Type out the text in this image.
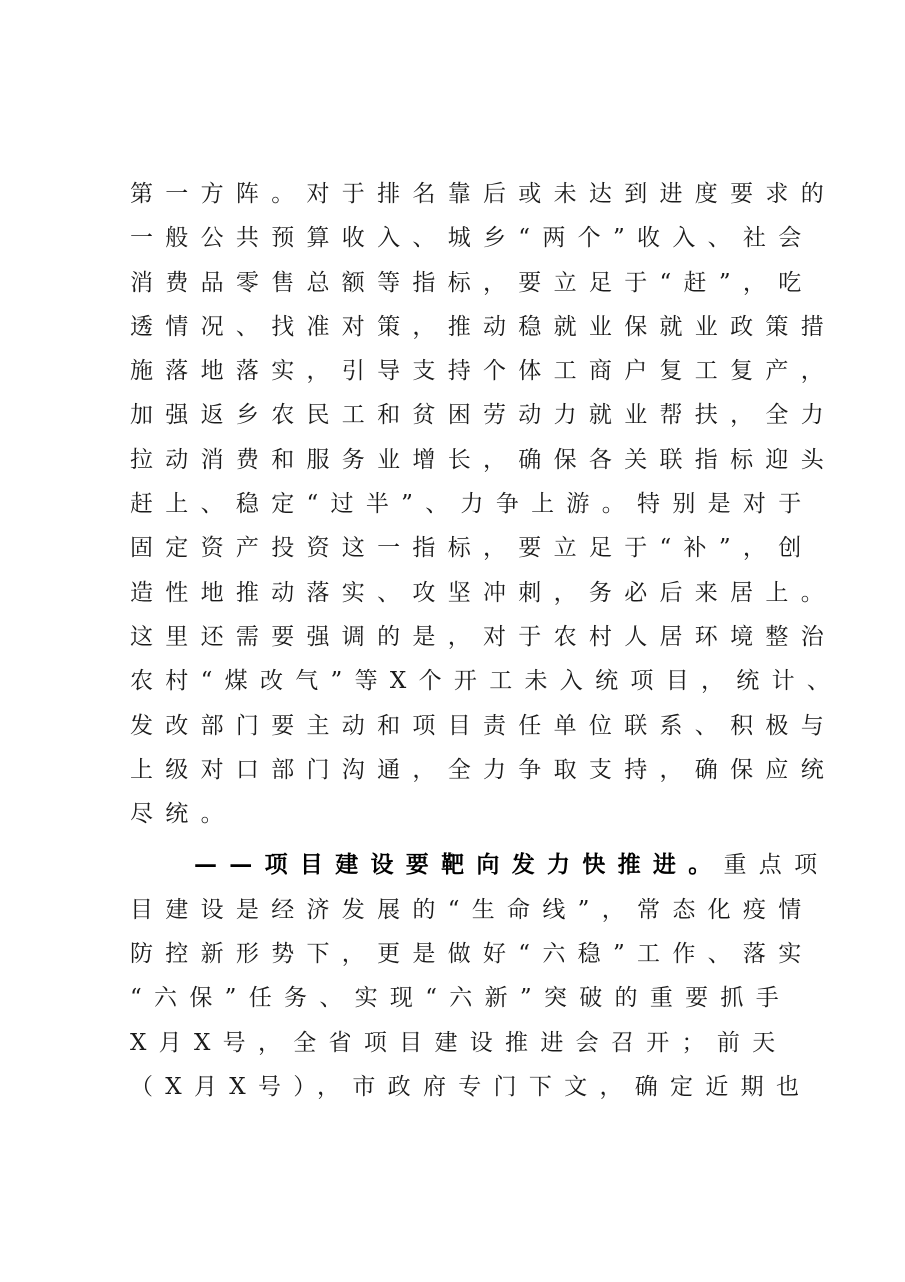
第一方阵。对于排名靠后或未达到进度要求的
一般公共预算收入、城乡“两个”收入、社会
消费品零售总额等指标，要立足于“赶”，吃
透情况、找准对策，推动稳就业保就业政策措
施落地落实，引导支持个体工商户复工复产，
加强返乡农民工和贫困劳动力就业帮扶，全力
拉动消费和服务业增长，确保各关联指标迎头
赶上、稳定“过半”、力争上游。特别是对于
固定资产投资这一指标，要立足于“补”，创
造性地推动落实、攻坚冲刺，务必后来居上。
这里还需要强调的是，对于农村人居环境整治
农村“煤改气”等X个开工未入统项目，统计、
发改部门要主动和项目责任单位联系、积极与
上级对口部门沟通，全力争取支持，确保应统
尽统。
——项目建设要靶向发力快推进。重点项
目建设是经济发展的“生命线”，常态化疫情
防控新形势下，更是做好“六稳”工作、落实
“六保”任务、实现“六新”突破的重要抓手
X月X号，全省项目建设推进会召开；前天
（X月X号），市政府专门下文，确定近期也
